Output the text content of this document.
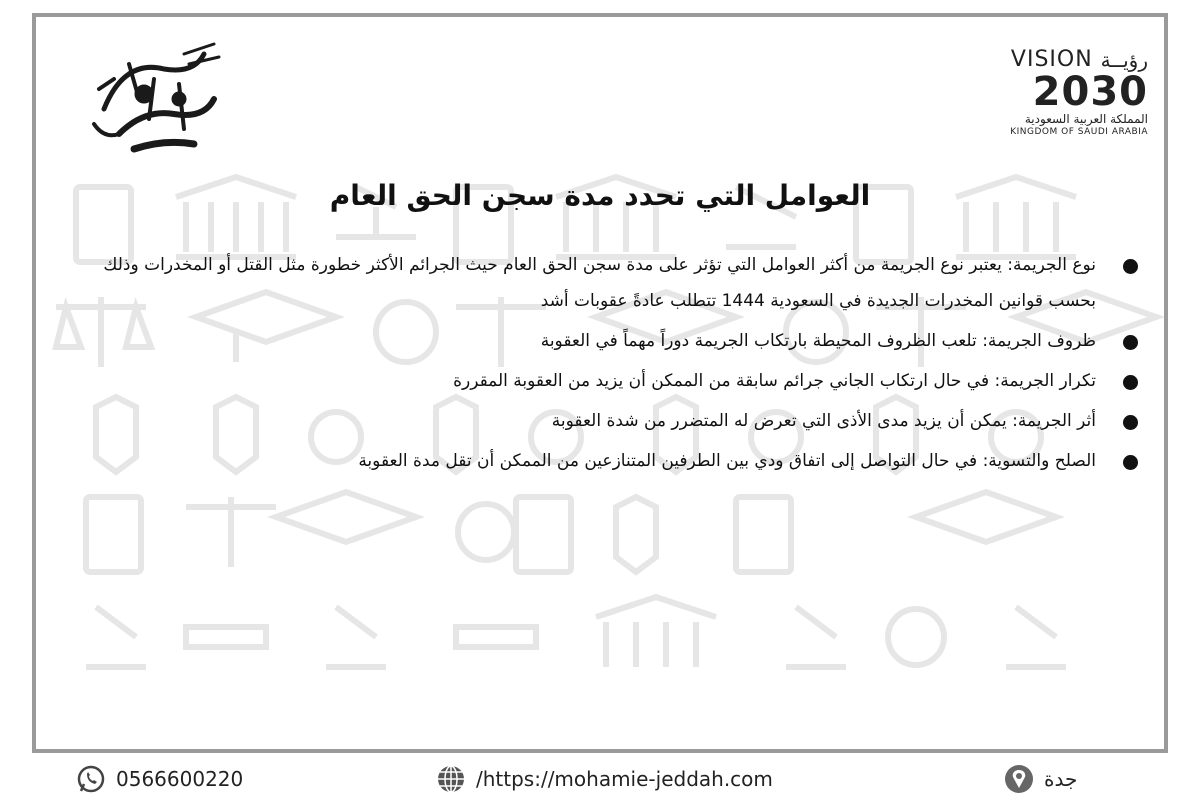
VISION رؤيــة
2030
المملكة العربية السعودية
KINGDOM OF SAUDI ARABIA
العوامل التي تحدد مدة سجن الحق العام
نوع الجريمة: يعتبر نوع الجريمة من أكثر العوامل التي تؤثر على مدة سجن الحق العام حيث الجرائم الأكثر خطورة مثل القتل أو المخدرات وذلك بحسب قوانين المخدرات الجديدة في السعودية 1444 تتطلب عادةً عقوبات أشد
ظروف الجريمة: تلعب الظروف المحيطة بارتكاب الجريمة دوراً مهماً في العقوبة
تكرار الجريمة: في حال ارتكاب الجاني جرائم سابقة من الممكن أن يزيد من العقوبة المقررة
أثر الجريمة: يمكن أن يزيد مدى الأذى التي تعرض له المتضرر من شدة العقوبة
الصلح والتسوية: في حال التواصل إلى اتفاق ودي بين الطرفين المتنازعين من الممكن أن تقل مدة العقوبة
0566600220	/https://mohamie-jeddah.com	جدة
